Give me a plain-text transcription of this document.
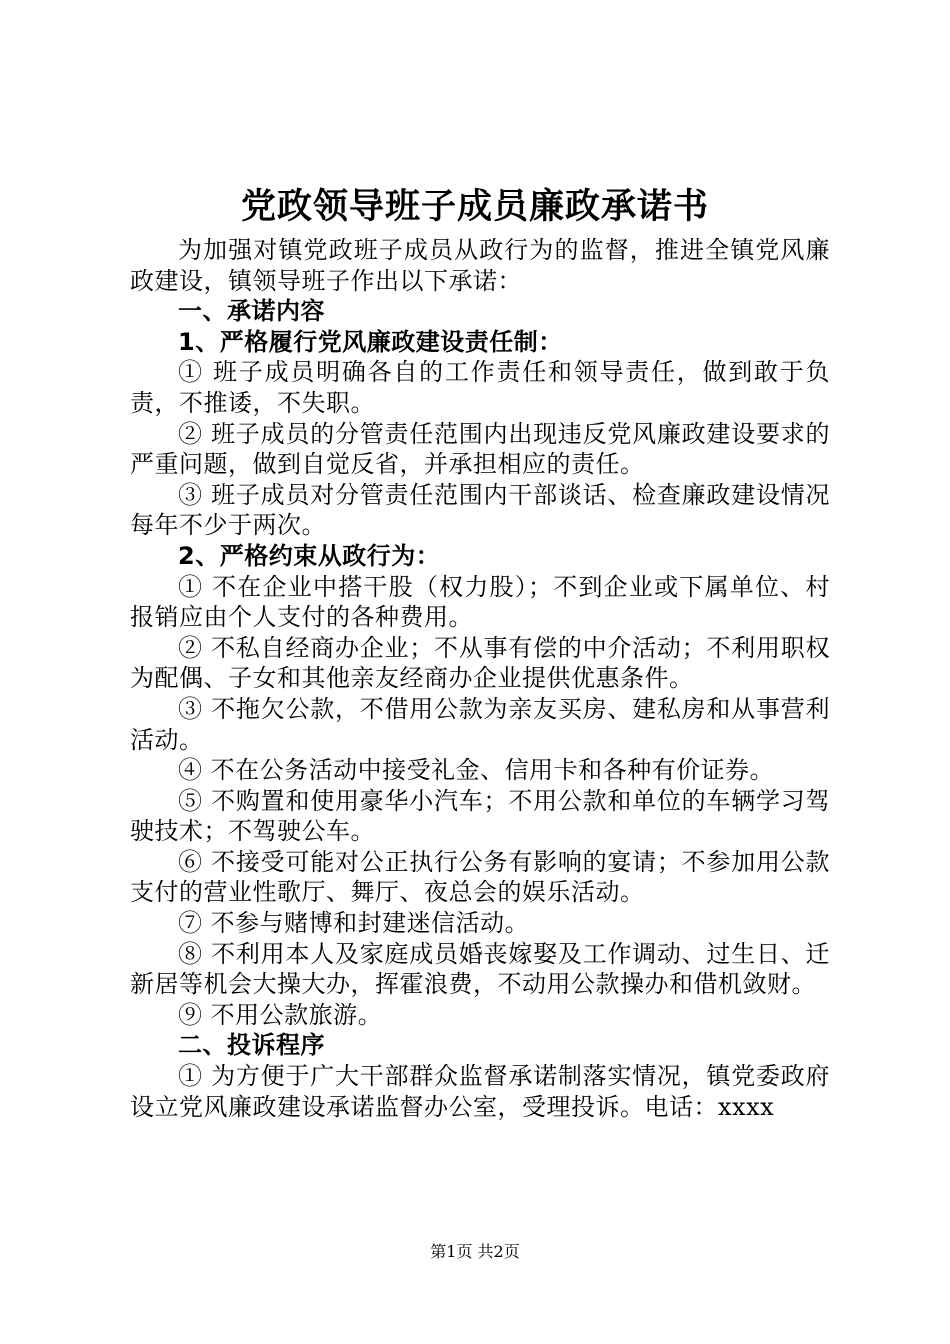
党政领导班子成员廉政承诺书

为加强对镇党政班子成员从政行为的监督，推进全镇党风廉政建设，镇领导班子作出以下承诺：

一、承诺内容

1、严格履行党风廉政建设责任制：

① 班子成员明确各自的工作责任和领导责任，做到敢于负责，不推诿，不失职。

② 班子成员的分管责任范围内出现违反党风廉政建设要求的严重问题，做到自觉反省，并承担相应的责任。

③ 班子成员对分管责任范围内干部谈话、检查廉政建设情况每年不少于两次。

2、严格约束从政行为：

① 不在企业中搭干股（权力股）；不到企业或下属单位、村报销应由个人支付的各种费用。

② 不私自经商办企业；不从事有偿的中介活动；不利用职权为配偶、子女和其他亲友经商办企业提供优惠条件。

③ 不拖欠公款，不借用公款为亲友买房、建私房和从事营利活动。

④ 不在公务活动中接受礼金、信用卡和各种有价证券。

⑤ 不购置和使用豪华小汽车；不用公款和单位的车辆学习驾驶技术；不驾驶公车。

⑥ 不接受可能对公正执行公务有影响的宴请；不参加用公款支付的营业性歌厅、舞厅、夜总会的娱乐活动。

⑦ 不参与赌博和封建迷信活动。

⑧ 不利用本人及家庭成员婚丧嫁娶及工作调动、过生日、迁新居等机会大操大办，挥霍浪费，不动用公款操办和借机敛财。

⑨ 不用公款旅游。

二、投诉程序

① 为方便于广大干部群众监督承诺制落实情况，镇党委政府设立党风廉政建设承诺监督办公室，受理投诉。电话：xxxx

第1页 共2页
